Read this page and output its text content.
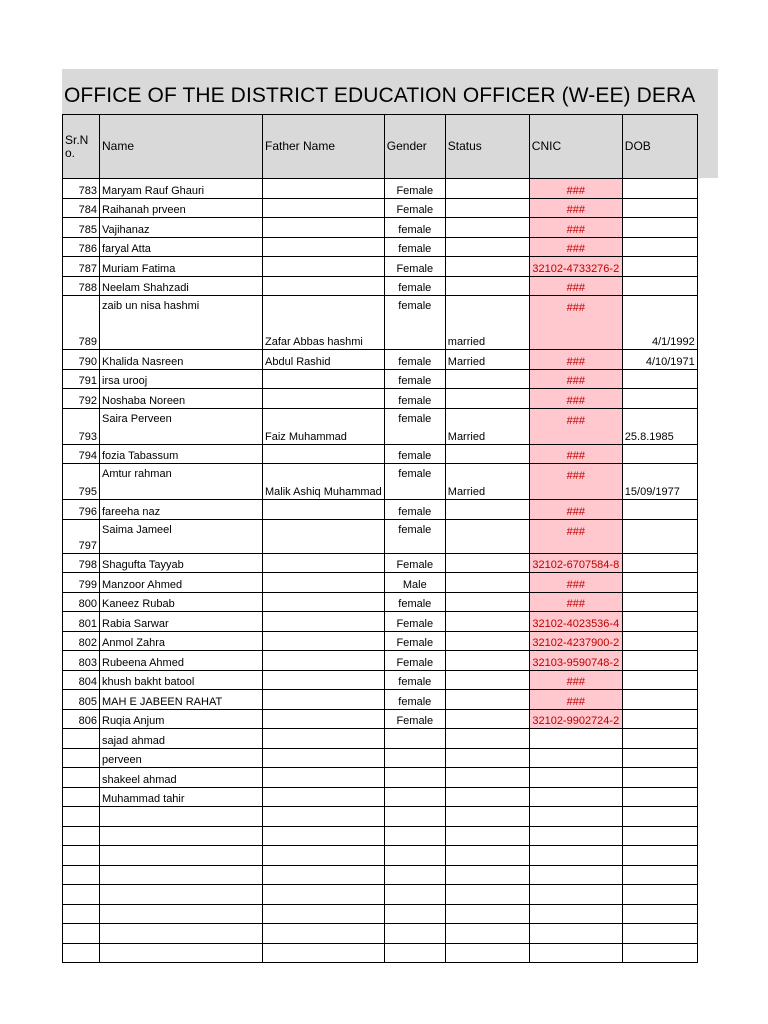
OFFICE OF THE DISTRICT EDUCATION OFFICER (W-EE) DERA
Sr.No.	Name	Father Name	Gender	Status	CNIC	DOB
783	Maryam Rauf Ghauri		Female		###	
784	Raihanah prveen		Female		###	
785	Vajihanaz		female		###	
786	faryal Atta		female		###	
787	Muriam Fatima		Female		32102-4733276-2	
788	Neelam Shahzadi		female		###	
789	zaib un nisa hashmi	Zafar Abbas hashmi	female	married	###	4/1/1992
790	Khalida Nasreen	Abdul Rashid	female	Married	###	4/10/1971
791	irsa urooj		female		###	
792	Noshaba Noreen		female		###	
793	Saira Perveen	Faiz Muhammad	female	Married	###	25.8.1985
794	fozia Tabassum		female		###	
795	Amtur rahman	Malik Ashiq Muhammad	female	Married	###	15/09/1977
796	fareeha naz		female		###	
797	Saima Jameel		female		###	
798	Shagufta Tayyab		Female		32102-6707584-8	
799	Manzoor Ahmed		Male		###	
800	Kaneez Rubab		female		###	
801	Rabia Sarwar		Female		32102-4023536-4	
802	Anmol Zahra		Female		32102-4237900-2	
803	Rubeena Ahmed		Female		32103-9590748-2	
804	khush bakht batool		female		###	
805	MAH E JABEEN RAHAT		female		###	
806	Ruqia Anjum		Female		32102-9902724-2	
	sajad ahmad					
	perveen					
	shakeel ahmad					
	Muhammad tahir					
